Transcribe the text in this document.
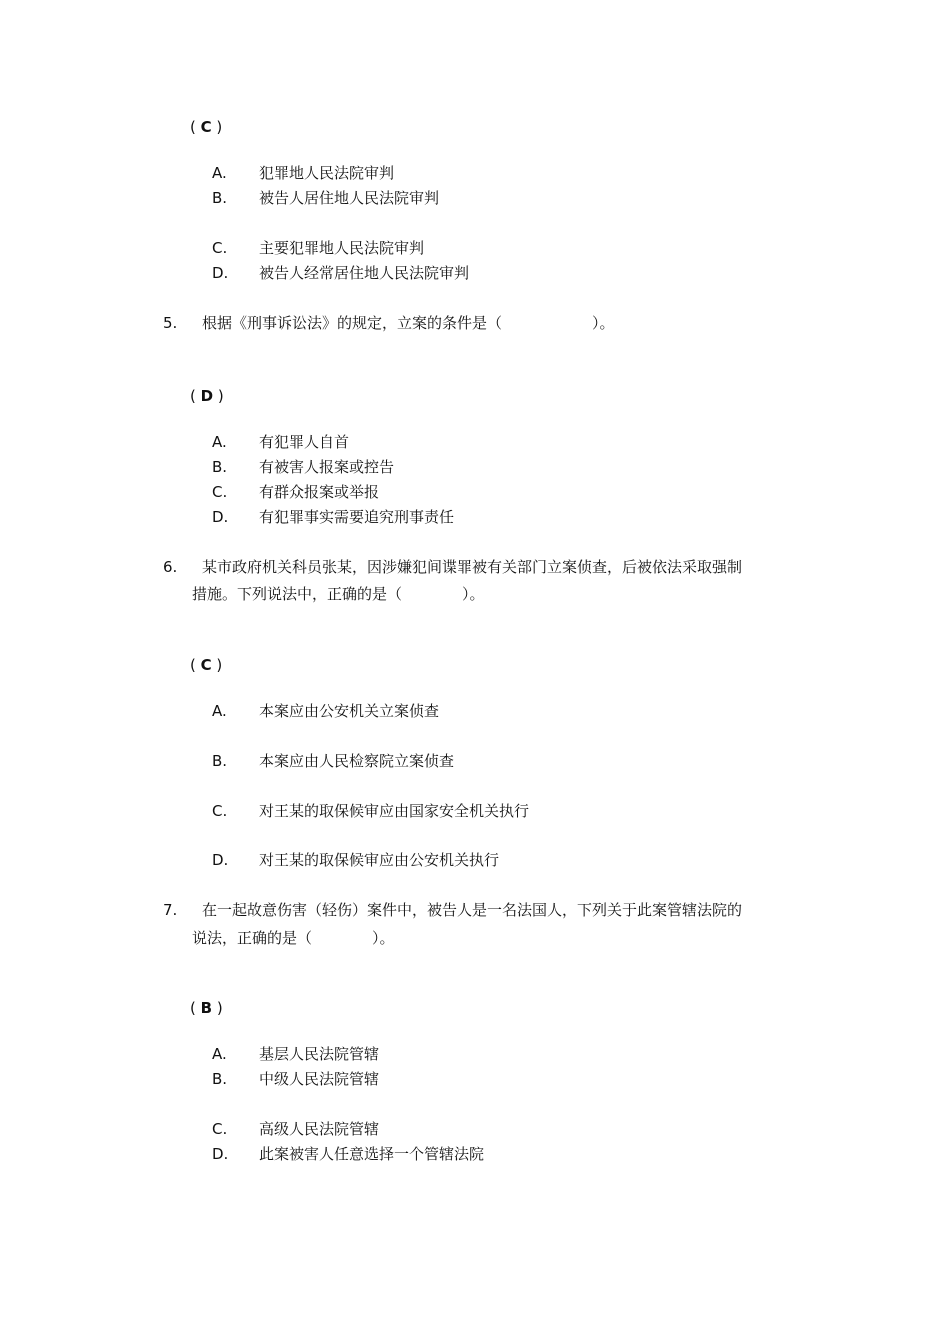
( C )
A. 犯罪地人民法院审判
B. 被告人居住地人民法院审判
C. 主要犯罪地人民法院审判
D. 被告人经常居住地人民法院审判
5. 根据《刑事诉讼法》的规定，立案的条件是（　　　　　　）。
( D )
A. 有犯罪人自首
B. 有被害人报案或控告
C. 有群众报案或举报
D. 有犯罪事实需要追究刑事责任
6. 某市政府机关科员张某，因涉嫌犯间谍罪被有关部门立案侦查，后被依法采取强制
措施。下列说法中，正确的是（　　　　）。
( C )
A. 本案应由公安机关立案侦查
B. 本案应由人民检察院立案侦查
C. 对王某的取保候审应由国家安全机关执行
D. 对王某的取保候审应由公安机关执行
7. 在一起故意伤害（轻伤）案件中，被告人是一名法国人，下列关于此案管辖法院的
说法，正确的是（　　　　）。
( B )
A. 基层人民法院管辖
B. 中级人民法院管辖
C. 高级人民法院管辖
D. 此案被害人任意选择一个管辖法院
